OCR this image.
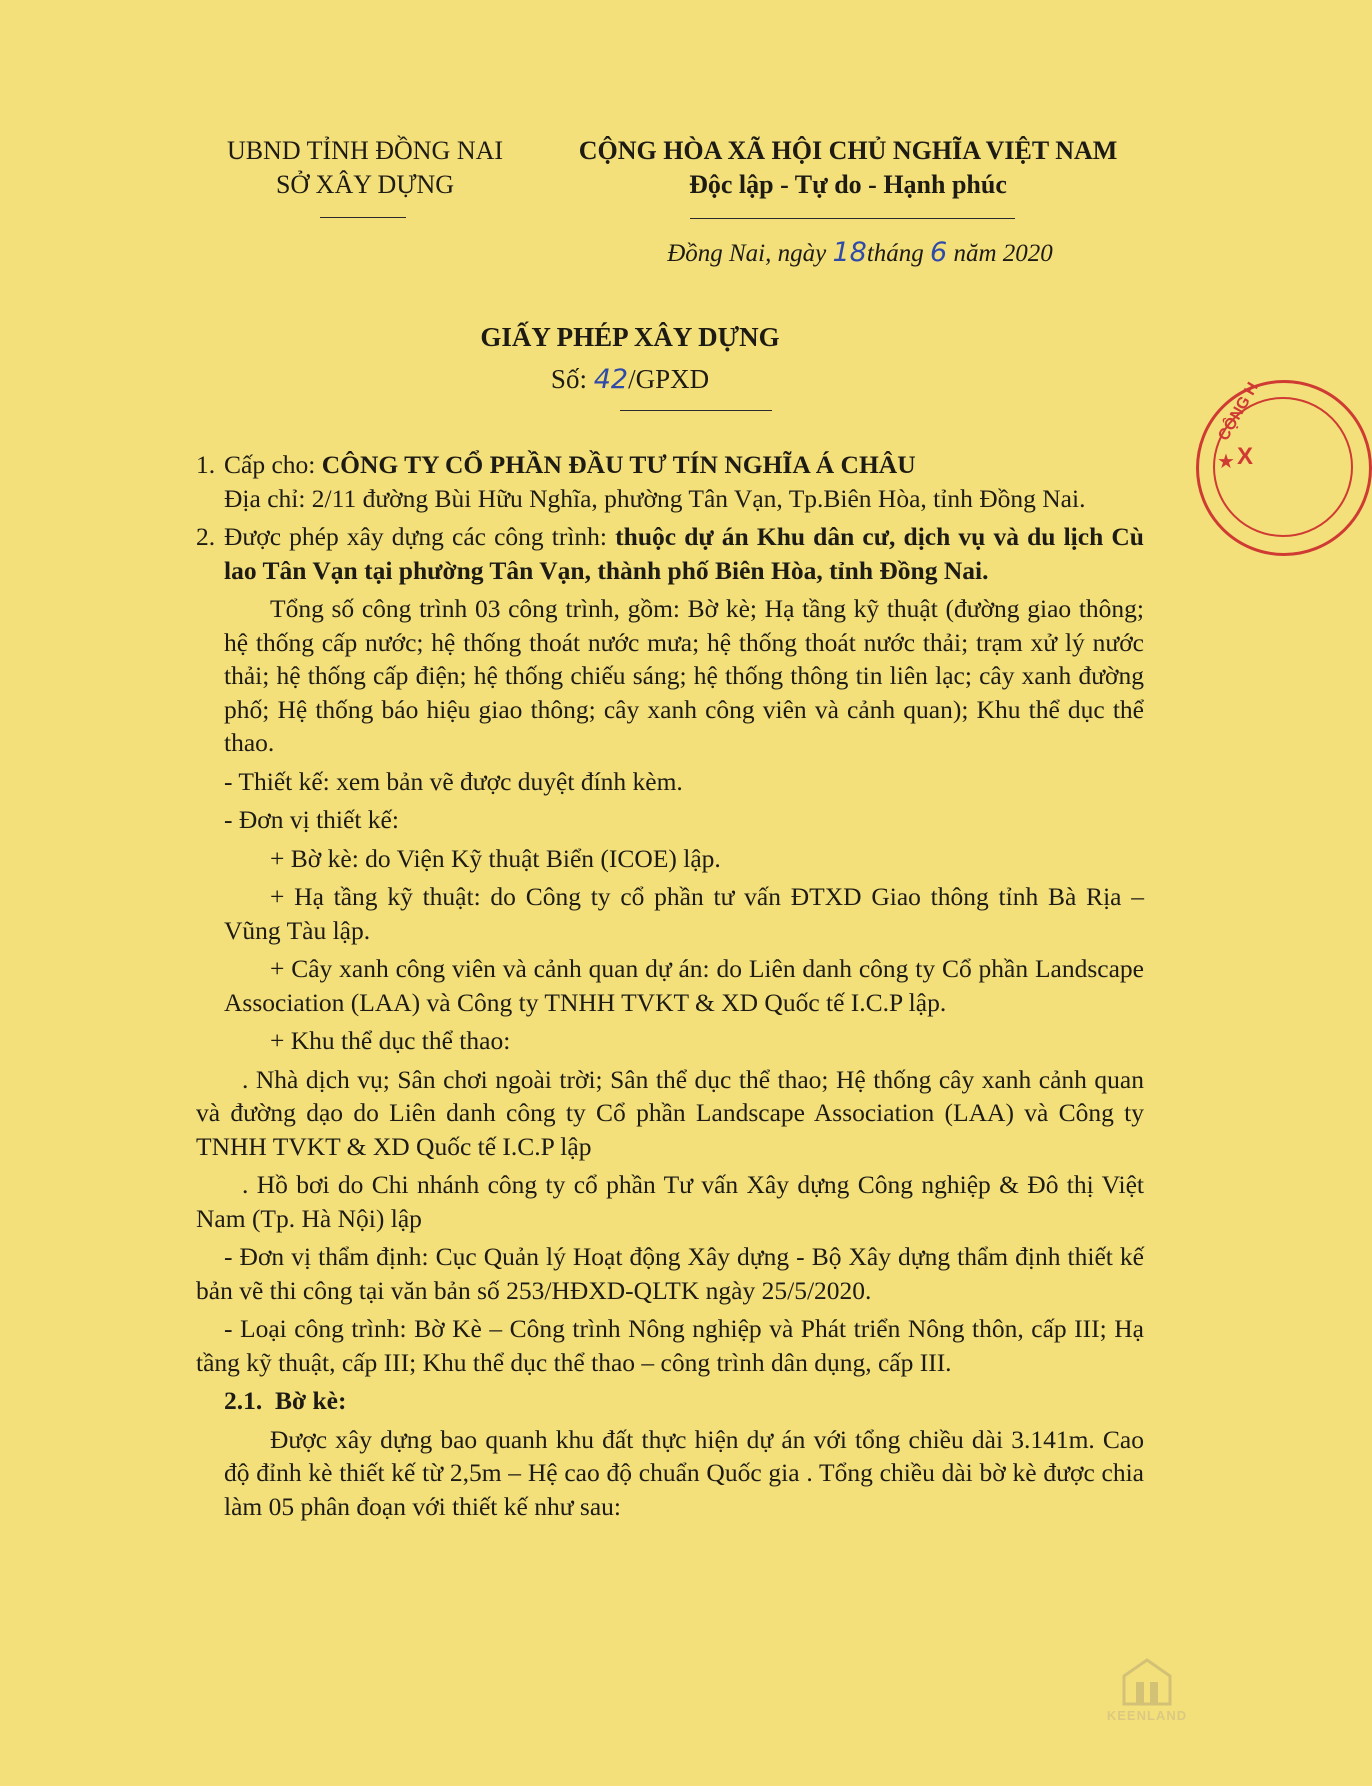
UBND TỈNH ĐỒNG NAI
SỞ XÂY DỰNG
CỘNG HÒA XÃ HỘI CHỦ NGHĨA VIỆT NAM
Độc lập - Tự do - Hạnh phúc
Đồng Nai, ngày 18tháng 6 năm 2020
GIẤY PHÉP XÂY DỰNG
Số: 42/GPXD

1. Cấp cho: CÔNG TY CỔ PHẦN ĐẦU TƯ TÍN NGHĨA Á CHÂU

Địa chỉ: 2/11 đường Bùi Hữu Nghĩa, phường Tân Vạn, Tp.Biên Hòa, tỉnh Đồng Nai.

2. Được phép xây dựng các công trình: thuộc dự án Khu dân cư, dịch vụ và du lịch Cù lao Tân Vạn tại phường Tân Vạn, thành phố Biên Hòa, tỉnh Đồng Nai.

Tổng số công trình 03 công trình, gồm: Bờ kè; Hạ tầng kỹ thuật (đường giao thông; hệ thống cấp nước; hệ thống thoát nước mưa; hệ thống thoát nước thải; trạm xử lý nước thải; hệ thống cấp điện; hệ thống chiếu sáng; hệ thống thông tin liên lạc; cây xanh đường phố; Hệ thống báo hiệu giao thông; cây xanh công viên và cảnh quan); Khu thể dục thể thao.

- Thiết kế: xem bản vẽ được duyệt đính kèm.

- Đơn vị thiết kế:

+ Bờ kè: do Viện Kỹ thuật Biển (ICOE) lập.

+ Hạ tầng kỹ thuật: do Công ty cổ phần tư vấn ĐTXD Giao thông tỉnh Bà Rịa – Vũng Tàu lập.

+ Cây xanh công viên và cảnh quan dự án: do Liên danh công ty Cổ phần Landscape Association (LAA) và Công ty TNHH TVKT & XD Quốc tế I.C.P lập.

+ Khu thể dục thể thao:

. Nhà dịch vụ; Sân chơi ngoài trời; Sân thể dục thể thao; Hệ thống cây xanh cảnh quan và đường dạo do Liên danh công ty Cổ phần Landscape Association (LAA) và Công ty TNHH TVKT & XD Quốc tế I.C.P lập

. Hồ bơi do Chi nhánh công ty cổ phần Tư vấn Xây dựng Công nghiệp & Đô thị Việt Nam (Tp. Hà Nội) lập

- Đơn vị thẩm định: Cục Quản lý Hoạt động Xây dựng - Bộ Xây dựng thẩm định thiết kế bản vẽ thi công tại văn bản số 253/HĐXD-QLTK ngày 25/5/2020.

- Loại công trình: Bờ Kè – Công trình Nông nghiệp và Phát triển Nông thôn, cấp III; Hạ tầng kỹ thuật, cấp III; Khu thể dục thể thao – công trình dân dụng, cấp III.

2.1. Bờ kè:

Được xây dựng bao quanh khu đất thực hiện dự án với tổng chiều dài 3.141m. Cao độ đỉnh kè thiết kế từ 2,5m – Hệ cao độ chuẩn Quốc gia . Tổng chiều dài bờ kè được chia làm 05 phân đoạn với thiết kế như sau:

CỘNG H
★ X
KEENLAND
